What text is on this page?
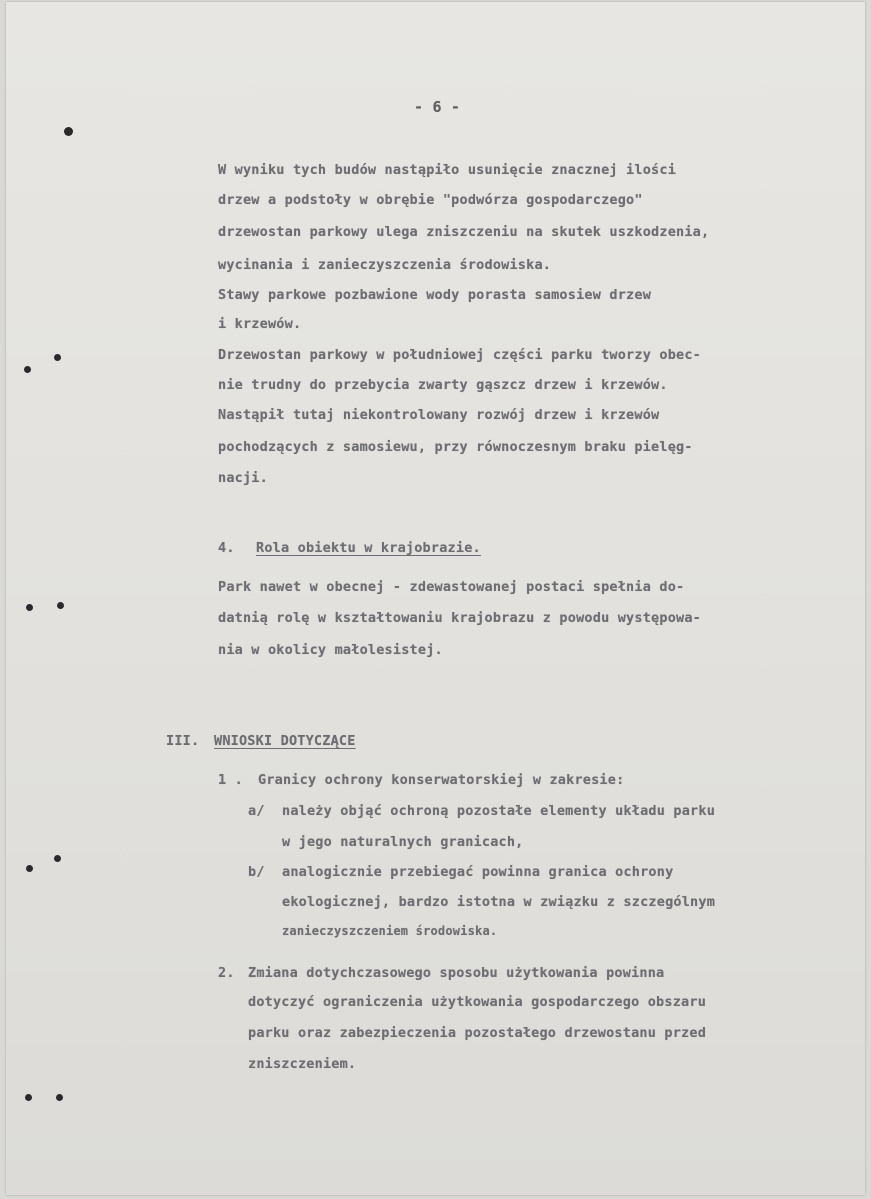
- 6 -
W wyniku tych budów nastąpiło usunięcie znacznej ilości
drzew a podstoły w obrębie "podwórza gospodarczego"
drzewostan parkowy ulega zniszczeniu na skutek uszkodzenia,
wycinania i zanieczyszczenia środowiska.
Stawy parkowe pozbawione wody porasta samosiew drzew
i krzewów.
Drzewostan parkowy w południowej części parku tworzy obec-
nie trudny do przebycia zwarty gąszcz drzew i krzewów.
Nastąpił tutaj niekontrolowany rozwój drzew i krzewów
pochodzących z samosiewu, przy równoczesnym braku pielęg-
nacji.
4. Rola obiektu w krajobrazie.
Park nawet w obecnej - zdewastowanej postaci spełnia do-
datnią rolę w kształtowaniu krajobrazu z powodu występowa-
nia w okolicy małolesistej.
III. WNIOSKI DOTYCZĄCE
1 . Granicy ochrony konserwatorskiej w zakresie:
a/ należy objąć ochroną pozostałe elementy układu parku
w jego naturalnych granicach,
b/ analogicznie przebiegać powinna granica ochrony
ekologicznej, bardzo istotna w związku z szczególnym
zanieczyszczeniem środowiska.
2. Zmiana dotychczasowego sposobu użytkowania powinna
dotyczyć ograniczenia użytkowania gospodarczego obszaru
parku oraz zabezpieczenia pozostałego drzewostanu przed
zniszczeniem.
